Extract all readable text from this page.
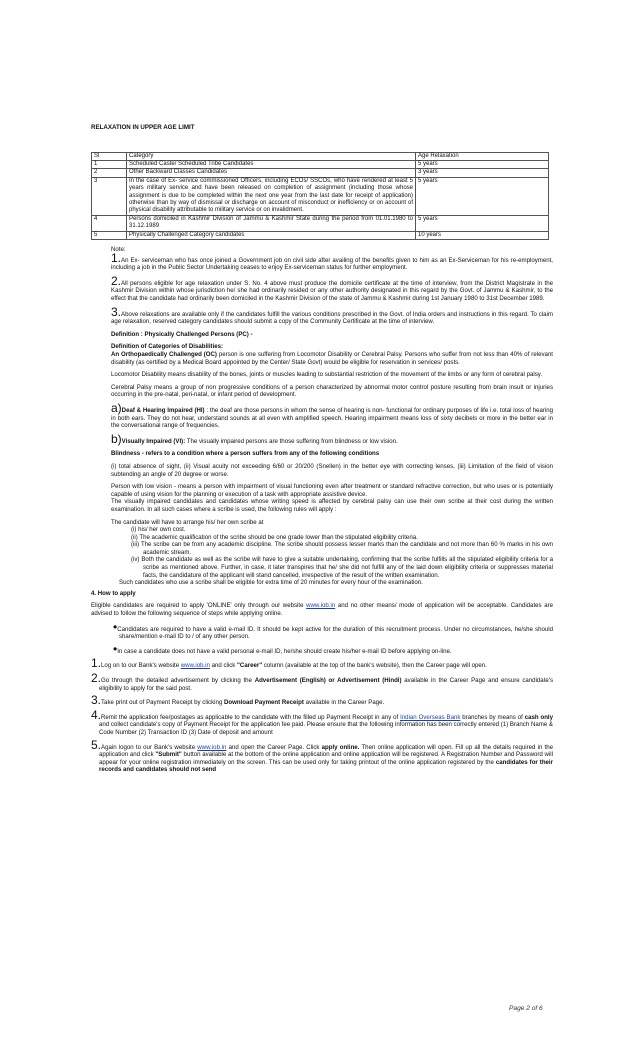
RELAXATION IN UPPER AGE LIMIT
Sl	Category	Age Relaxation
1	Scheduled Caste/ Scheduled Tribe Candidates	5 years
2	Other Backward Classes Candidates	3 years
3	In the case of Ex- service commissioned Officers, including ECOs/ SSCOs, who have rendered at least 5 years military service and have been released on completion of assignment (including those whose assignment is due to be completed within the next one year from the last date for receipt of application) otherwise than by way of dismissal or discharge on account of misconduct or inefficiency or on account of physical disability attributable to military service or on invalidment.	5 years
4	Persons domiciled in Kashmir Division of Jammu & Kashmir State during the period from 01.01.1980 to 31.12.1989	5 years
5	Physically Challenged Category candidates	10 years
Note:

1.An Ex- serviceman who has once joined a Government job on civil side after availing of the benefits given to him as an Ex-Serviceman for his re-employment, including a job in the Public Sector Undertaking ceases to enjoy Ex-serviceman status for further employment.

2.All persons eligible for age relaxation under S. No. 4 above must produce the domicile certificate at the time of interview, from the District Magistrate in the Kashmir Division within whose jurisdiction he/ she had ordinarily resided or any other authority designated in this regard by the Govt. of Jammu & Kashmir, to the effect that the candidate had ordinarily been domiciled in the Kashmir Division of the state of Jammu & Kashmir during 1st January 1980 to 31st December 1989.

3.Above relaxations are available only if the candidates fulfill the various conditions prescribed in the Govt. of India orders and instructions in this regard. To claim age relaxation, reserved category candidates should submit a copy of the Community Certificate at the time of interview.

Definition : Physically Challenged Persons (PC) -

Definition of Categories of Disabilities:

An Orthopaedically Challenged (OC) person is one suffering from Locomotor Disability or Cerebral Palsy. Persons who suffer from not less than 40% of relevant disability (as certified by a Medical Board appointed by the Center/ State Govt) would be eligible for reservation in services/ posts.

Locomotor Disability means disability of the bones, joints or muscles leading to substantial restriction of the movement of the limbs or any form of cerebral palsy.

Cerebral Palsy means a group of non progressive conditions of a person characterized by abnormal motor control posture resulting from brain insult or injuries occurring in the pre-natal, peri-natal, or infant period of development.

a)Deaf & Hearing Impaired (HI) : the deaf are those persons in whom the sense of hearing is non- functional for ordinary purposes of life i.e. total loss of hearing in both ears. They do not hear, understand sounds at all even with amplified speech. Hearing impairment means loss of sixty decibels or more in the better ear in the conversational range of frequencies.

b)Visually Impaired (VI): The visually impaired persons are those suffering from blindness or low vision.

Blindness - refers to a condition where a person suffers from any of the following conditions

(i) total absence of sight, (ii) Visual acuity not exceeding 6/60 or 20/200 (Snellen) in the better eye with correcting lenses, (iii) Limitation of the field of vision subtending an angle of 20 degree or worse.

Person with low vision - means a person with impairment of visual functioning even after treatment or standard refractive correction, but who uses or is potentially capable of using vision for the planning or execution of a task with appropriate assistive device.

The visually impaired candidates and candidates whose writing speed is affected by cerebral palsy can use their own scribe at their cost during the written examination. In all such cases where a scribe is used, the following rules will apply :

The candidate will have to arrange his/ her own scribe at
(i) his/ her own cost.
(ii) The academic qualification of the scribe should be one grade lower than the stipulated eligibility criteria.
(iii) The scribe can be from any academic discipline. The scribe should possess lesser marks than the candidate and not more than 60 % marks in his own academic stream.
(iv) Both the candidate as well as the scribe will have to give a suitable undertaking, confirming that the scribe fulfills all the stipulated eligibility criteria for a scribe as mentioned above. Further, in case, it later transpires that he/ she did not fulfill any of the laid down eligibility criteria or suppresses material facts, the candidature of the applicant will stand cancelled, irrespective of the result of the written examination.
Such candidates who use a scribe shall be eligible for extra time of 20 minutes for every hour of the examination.

4. How to apply

Eligible candidates are required to apply 'ONLINE' only through our website www.iob.in and no other means/ mode of application will be acceptable. Candidates are advised to follow the following sequence of steps while applying online.

•Candidates are required to have a valid e-mail ID. It should be kept active for the duration of this recruitment process. Under no circumstances, he/she should share/mention e-mail ID to / of any other person.

•In case a candidate does not have a valid personal e-mail ID, he/she should create his/her e-mail ID before applying on-line.

1.Log on to our Bank's website www.iob.in and click "Career" column (available at the top of the bank's website), then the Career page will open.

2.Go through the detailed advertisement by clicking the Advertisement (English) or Advertisement (Hindi) available in the Career Page and ensure candidate's eligibility to apply for the said post.

3.Take print out of Payment Receipt by clicking Download Payment Receipt available in the Career Page.

4.Remit the application fee/postages as applicable to the candidate with the filled up Payment Receipt in any of Indian Overseas Bank branches by means of cash only and collect candidate's copy of Payment Receipt for the application fee paid. Please ensure that the following information has been correctly entered (1) Branch Name & Code Number (2) Transaction ID (3) Date of deposit and amount

5.Again logon to our Bank's website www.iob.in and open the Career Page. Click apply online. Then online application will open. Fill up all the details required in the application and click "Submit" button available at the bottom of the online application and online application will be registered. A Registration Number and Password will appear for your online registration immediately on the screen. This can be used only for taking printout of the online application registered by the candidates for their records and candidates should not send

Page 2 of 6
